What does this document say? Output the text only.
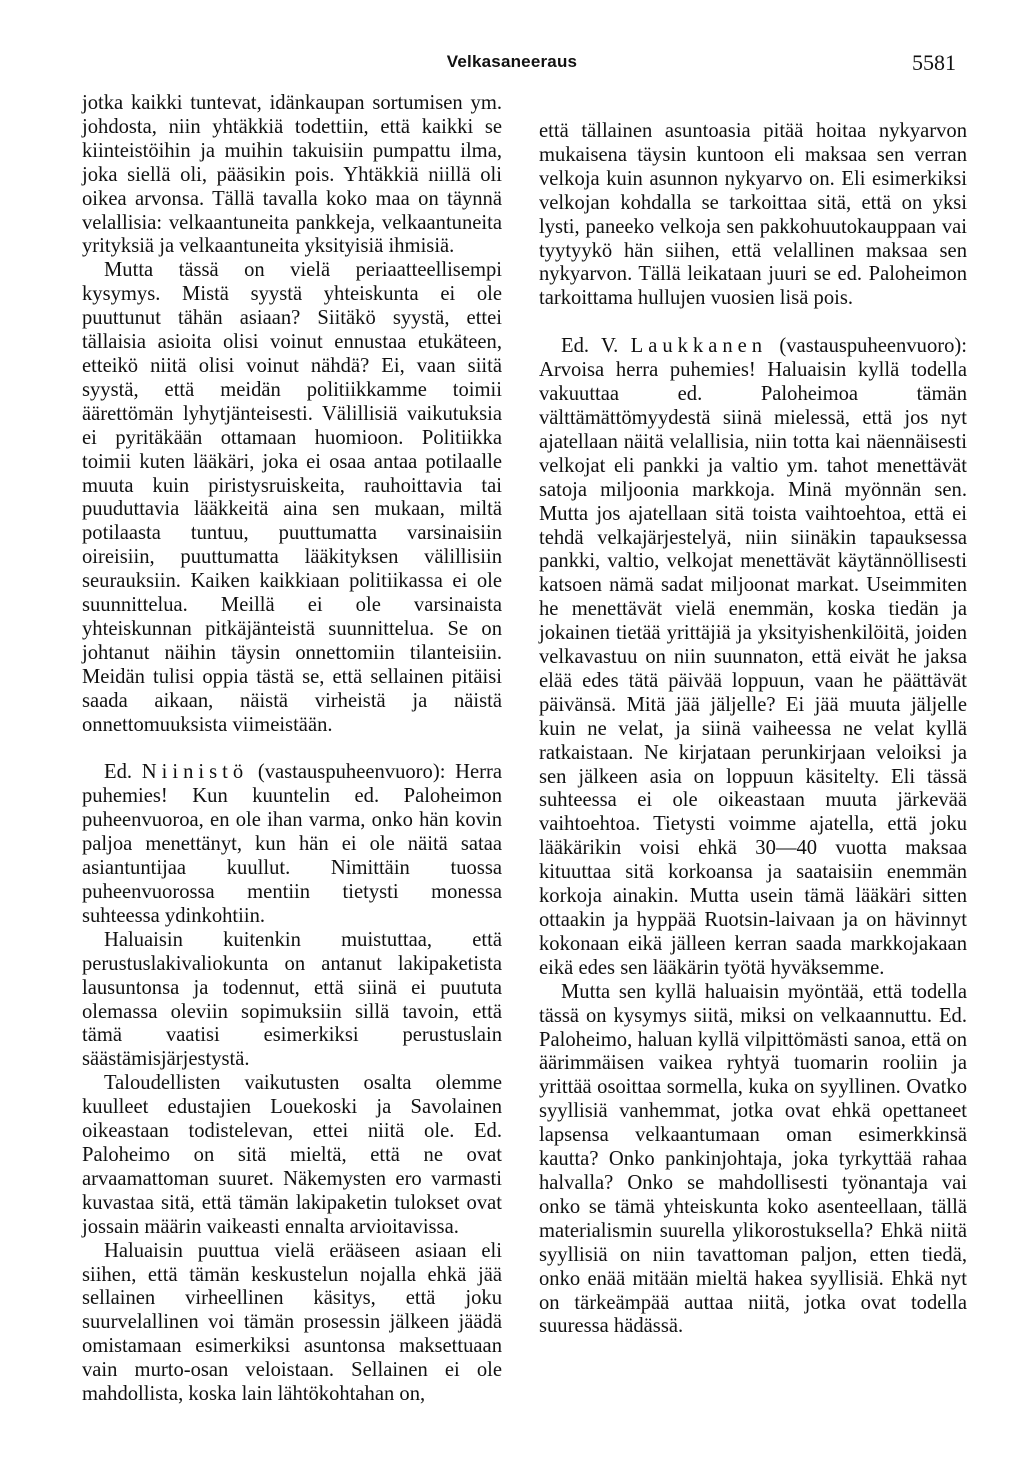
Velkasaneeraus	5581

jotka kaikki tuntevat, idänkaupan sortumisen ym. johdosta, niin yhtäkkiä todettiin, että kaikki se kiinteistöihin ja muihin takuisiin pumpattu ilma, joka siellä oli, pääsikin pois. Yhtäkkiä niillä oli oikea arvonsa. Tällä tavalla koko maa on täynnä velallisia: velkaantuneita pankkeja, velkaantuneita yrityksiä ja velkaantuneita yksityisiä ihmisiä.

Mutta tässä on vielä periaatteellisempi kysymys. Mistä syystä yhteiskunta ei ole puuttunut tähän asiaan? Siitäkö syystä, ettei tällaisia asioita olisi voinut ennustaa etukäteen, etteikö niitä olisi voinut nähdä? Ei, vaan siitä syystä, että meidän politiikkamme toimii äärettömän lyhytjänteisesti. Välillisiä vaikutuksia ei pyritäkään ottamaan huomioon. Politiikka toimii kuten lääkäri, joka ei osaa antaa potilaalle muuta kuin piristysruiskeita, rauhoittavia tai puuduttavia lääkkeitä aina sen mukaan, miltä potilaasta tuntuu, puuttumatta varsinaisiin oireisiin, puuttumatta lääkityksen välillisiin seurauksiin. Kaiken kaikkiaan politiikassa ei ole suunnittelua. Meillä ei ole varsinaista yhteiskunnan pitkäjänteistä suunnittelua. Se on johtanut näihin täysin onnettomiin tilanteisiin. Meidän tulisi oppia tästä se, että sellainen pitäisi saada aikaan, näistä virheistä ja näistä onnettomuuksista viimeistään.

Ed. Niinistö (vastauspuheenvuoro): Herra puhemies! Kun kuuntelin ed. Paloheimon puheenvuoroa, en ole ihan varma, onko hän kovin paljoa menettänyt, kun hän ei ole näitä sataa asiantuntijaa kuullut. Nimittäin tuossa puheenvuorossa mentiin tietysti monessa suhteessa ydinkohtiin.

Haluaisin kuitenkin muistuttaa, että perustuslakivaliokunta on antanut lakipaketista lausuntonsa ja todennut, että siinä ei puututa olemassa oleviin sopimuksiin sillä tavoin, että tämä vaatisi esimerkiksi perustuslain säästämisjärjestystä.

Taloudellisten vaikutusten osalta olemme kuulleet edustajien Louekoski ja Savolainen oikeastaan todistelevan, ettei niitä ole. Ed. Paloheimo on sitä mieltä, että ne ovat arvaamattoman suuret. Näkemysten ero varmasti kuvastaa sitä, että tämän lakipaketin tulokset ovat jossain määrin vaikeasti ennalta arvioitavissa.

Haluaisin puuttua vielä erääseen asiaan eli siihen, että tämän keskustelun nojalla ehkä jää sellainen virheellinen käsitys, että joku suurvelallinen voi tämän prosessin jälkeen jäädä omistamaan esimerkiksi asuntonsa maksettuaan vain murto-osan veloistaan. Sellainen ei ole mahdollista, koska lain lähtökohtahan on,

että tällainen asuntoasia pitää hoitaa nykyarvon mukaisena täysin kuntoon eli maksaa sen verran velkoja kuin asunnon nykyarvo on. Eli esimerkiksi velkojan kohdalla se tarkoittaa sitä, että on yksi lysti, paneeko velkoja sen pakkohuutokauppaan vai tyytyykö hän siihen, että velallinen maksaa sen nykyarvon. Tällä leikataan juuri se ed. Paloheimon tarkoittama hullujen vuosien lisä pois.

Ed. V. Laukkanen (vastauspuheenvuoro): Arvoisa herra puhemies! Haluaisin kyllä todella vakuuttaa ed. Paloheimoa tämän välttämättömyydestä siinä mielessä, että jos nyt ajatellaan näitä velallisia, niin totta kai näennäisesti velkojat eli pankki ja valtio ym. tahot menettävät satoja miljoonia markkoja. Minä myönnän sen. Mutta jos ajatellaan sitä toista vaihtoehtoa, että ei tehdä velkajärjestelyä, niin siinäkin tapauksessa pankki, valtio, velkojat menettävät käytännöllisesti katsoen nämä sadat miljoonat markat. Useimmiten he menettävät vielä enemmän, koska tiedän ja jokainen tietää yrittäjiä ja yksityishenkilöitä, joiden velkavastuu on niin suunnaton, että eivät he jaksa elää edes tätä päivää loppuun, vaan he päättävät päivänsä. Mitä jää jäljelle? Ei jää muuta jäljelle kuin ne velat, ja siinä vaiheessa ne velat kyllä ratkaistaan. Ne kirjataan perunkirjaan veloiksi ja sen jälkeen asia on loppuun käsitelty. Eli tässä suhteessa ei ole oikeastaan muuta järkevää vaihtoehtoa. Tietysti voimme ajatella, että joku lääkärikin voisi ehkä 30—40 vuotta maksaa kituuttaa sitä korkoansa ja saataisiin enemmän korkoja ainakin. Mutta usein tämä lääkäri sitten ottaakin ja hyppää Ruotsin-laivaan ja on hävinnyt kokonaan eikä jälleen kerran saada markkojakaan eikä edes sen lääkärin työtä hyväksemme.

Mutta sen kyllä haluaisin myöntää, että todella tässä on kysymys siitä, miksi on velkaannuttu. Ed. Paloheimo, haluan kyllä vilpittömästi sanoa, että on äärimmäisen vaikea ryhtyä tuomarin rooliin ja yrittää osoittaa sormella, kuka on syyllinen. Ovatko syyllisiä vanhemmat, jotka ovat ehkä opettaneet lapsensa velkaantumaan oman esimerkkinsä kautta? Onko pankinjohtaja, joka tyrkyttää rahaa halvalla? Onko se mahdollisesti työnantaja vai onko se tämä yhteiskunta koko asenteellaan, tällä materialismin suurella ylikorostuksella? Ehkä niitä syyllisiä on niin tavattoman paljon, etten tiedä, onko enää mitään mieltä hakea syyllisiä. Ehkä nyt on tärkeämpää auttaa niitä, jotka ovat todella suuressa hädässä.
